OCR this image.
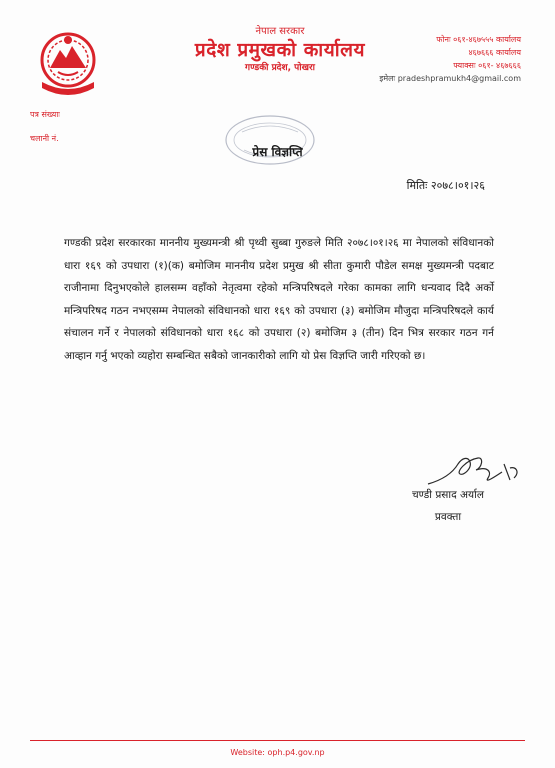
नेपाल सरकार
प्रदेश प्रमुखको कार्यालय
गण्डकी प्रदेश, पोखरा
फोनः ०६१-४६७५५५ कार्यालय
४६७६६६ कार्यालय
फ्याक्सः ०६१- ४६७६६६
इमेलः pradeshpramukh4@gmail.com
पत्र संख्याः
चलानी नं.
प्रेस विज्ञप्ति
मितिः २०७८।०१।२६
गण्डकी प्रदेश सरकारका माननीय मुख्यमन्त्री श्री पृथ्वी सुब्बा गुरुङले मिति २०७८।०१।२६ मा नेपालको संविधानको धारा १६९ को उपधारा (१)(क) बमोजिम माननीय प्रदेश प्रमुख श्री सीता कुमारी पौडेल समक्ष मुख्यमन्त्री पदबाट राजीनामा दिनुभएकोले हालसम्म वहाँको नेतृत्वमा रहेको मन्त्रिपरिषदले गरेका कामका लागि धन्यवाद दिदै अर्को मन्त्रिपरिषद गठन नभएसम्म नेपालको संविधानको धारा १६९ को उपधारा (३) बमोजिम मौजुदा मन्त्रिपरिषदले कार्य संचालन गर्ने र नेपालको संविधानको धारा १६८ को उपधारा (२) बमोजिम ३ (तीन) दिन भित्र सरकार गठन गर्न आव्हान गर्नु भएको व्यहोरा सम्बन्धित सबैको जानकारीको लागि यो प्रेस विज्ञप्ति जारी गरिएको छ।
चण्डी प्रसाद अर्याल
प्रवक्ता
Website: oph.p4.gov.np
